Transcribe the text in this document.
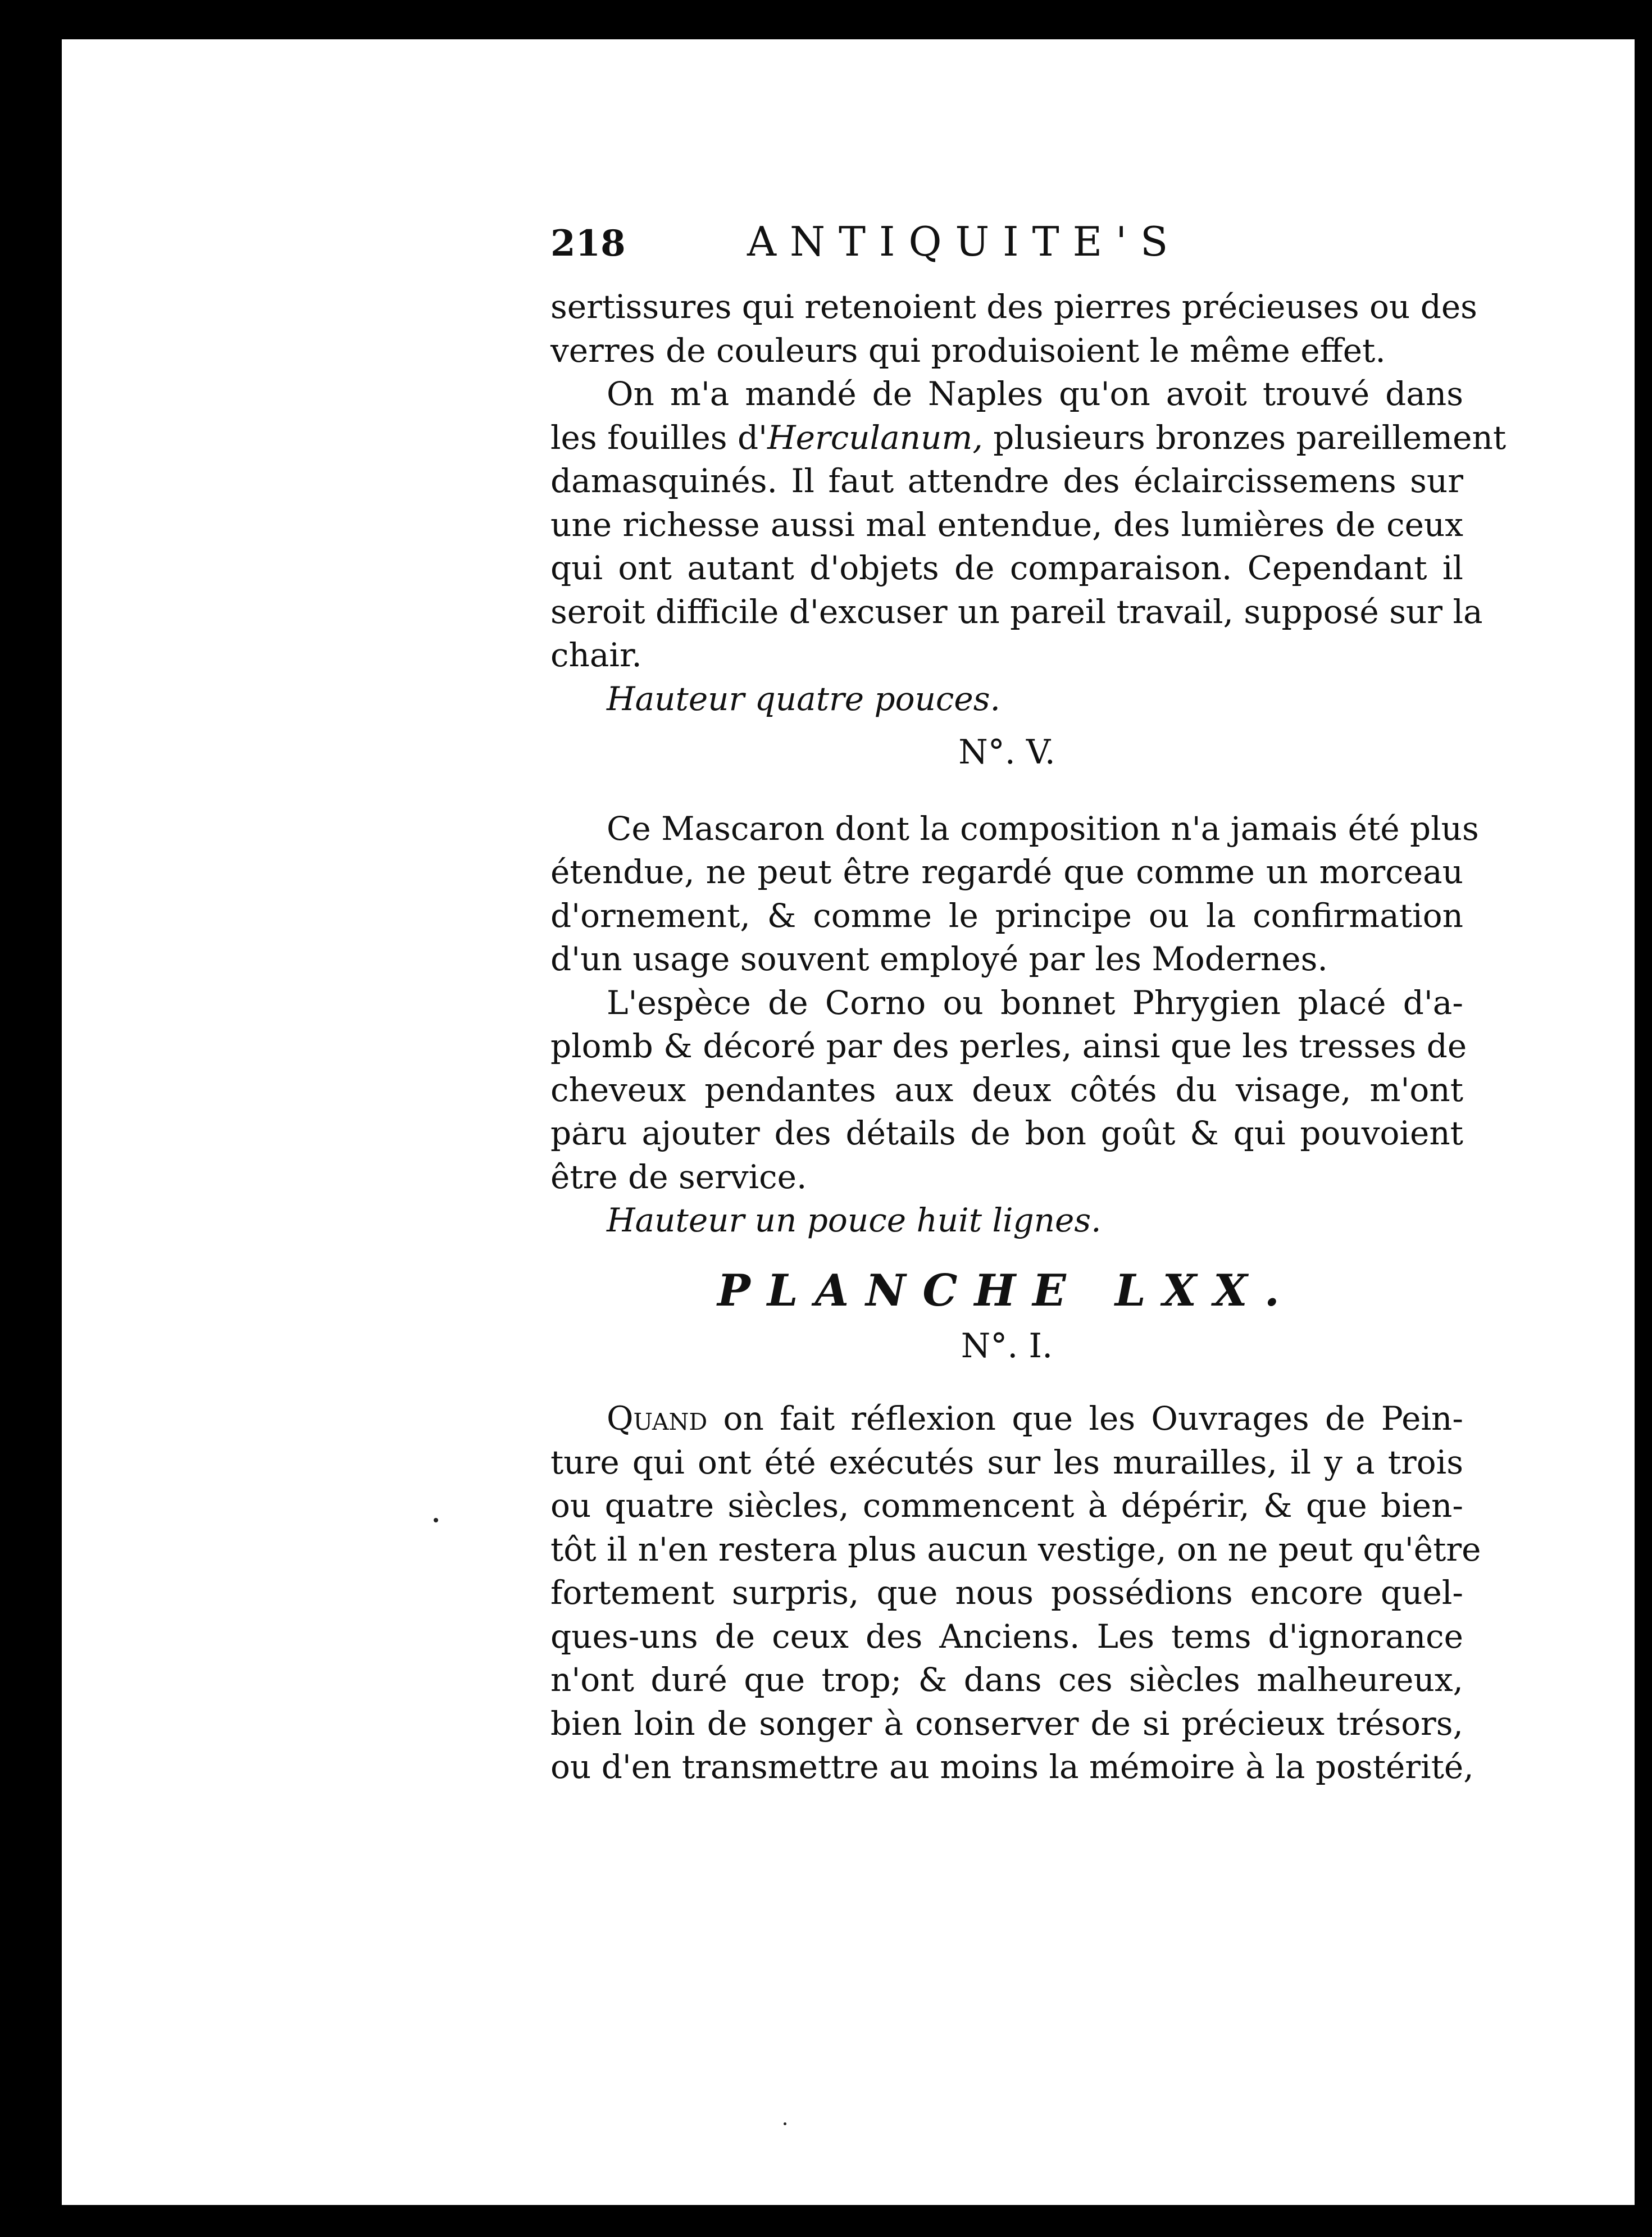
218	ANTIQUITE'S
sertissures qui retenoient des pierres précieuses ou des
verres de couleurs qui produisoient le même effet.
On m'a mandé de Naples qu'on avoit trouvé dans
les fouilles d'Herculanum, plusieurs bronzes pareillement
damasquinés. Il faut attendre des éclaircissemens sur
une richesse aussi mal entendue, des lumières de ceux
qui ont autant d'objets de comparaison. Cependant il
seroit difficile d'excuser un pareil travail, supposé sur la
chair.
Hauteur quatre pouces.
N°. V.
Ce Mascaron dont la composition n'a jamais été plus
étendue, ne peut être regardé que comme un morceau
d'ornement, & comme le principe ou la confirmation
d'un usage souvent employé par les Modernes.
L'espèce de Corno ou bonnet Phrygien placé d'a-
plomb & décoré par des perles, ainsi que les tresses de
cheveux pendantes aux deux côtés du visage, m'ont
paru ajouter des détails de bon goût & qui pouvoient
être de service.
Hauteur un pouce huit lignes.
PLANCHE LXX.
N°. I.
Quand on fait réflexion que les Ouvrages de Pein-
ture qui ont été exécutés sur les murailles, il y a trois
ou quatre siècles, commencent à dépérir, & que bien-
tôt il n'en restera plus aucun vestige, on ne peut qu'être
fortement surpris, que nous possédions encore quel-
ques-uns de ceux des Anciens. Les tems d'ignorance
n'ont duré que trop; & dans ces siècles malheureux,
bien loin de songer à conserver de si précieux trésors,
ou d'en transmettre au moins la mémoire à la postérité,
